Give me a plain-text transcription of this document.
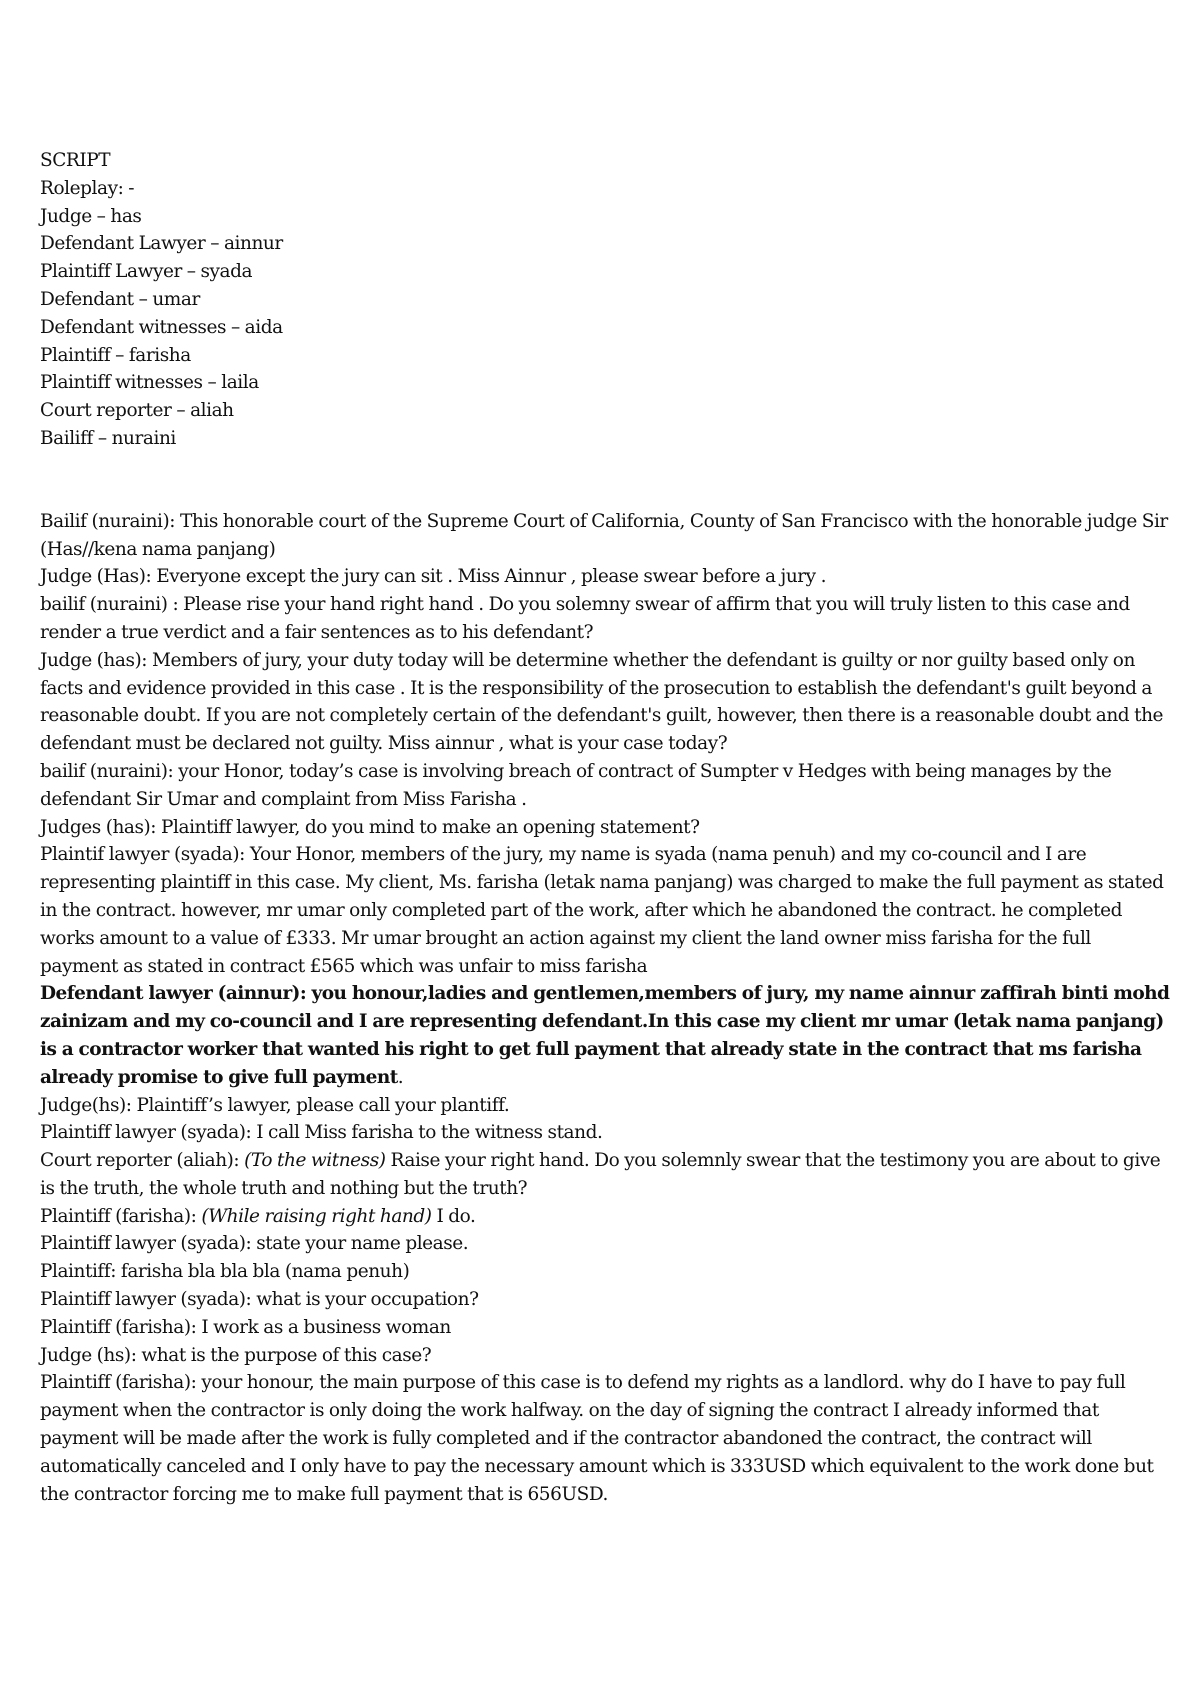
SCRIPT
Roleplay: -
Judge – has
Defendant Lawyer – ainnur
Plaintiff Lawyer – syada
Defendant – umar
Defendant witnesses – aida
Plaintiff – farisha
Plaintiff witnesses – laila
Court reporter – aliah
Bailiff – nuraini

Bailif (nuraini): This honorable court of the Supreme Court of California, County of San Francisco with the honorable judge Sir (Has//kena nama panjang)

Judge (Has): Everyone except the jury can sit . Miss Ainnur , please swear before a jury .

bailif (nuraini) : Please rise your hand right hand . Do you solemny swear of affirm that you will truly listen to this case and render a true verdict and a fair sentences as to his defendant?

Judge (has): Members of jury, your duty today will be determine whether the defendant is guilty or nor guilty based only on facts and evidence provided in this case . It is the responsibility of the prosecution to establish the defendant's guilt beyond a reasonable doubt. If you are not completely certain of the defendant's guilt, however, then there is a reasonable doubt and the defendant must be declared not guilty. Miss ainnur , what is your case today?

bailif (nuraini): your Honor, today’s case is involving breach of contract of Sumpter v Hedges with being manages by the defendant Sir Umar and complaint from Miss Farisha .

Judges (has): Plaintiff lawyer, do you mind to make an opening statement?

Plaintif lawyer (syada): Your Honor, members of the jury, my name is syada (nama penuh) and my co-council and I are representing plaintiff in this case. My client, Ms. farisha (letak nama panjang) was charged to make the full payment as stated in the contract. however, mr umar only completed part of the work, after which he abandoned the contract. he completed works amount to a value of £333. Mr umar brought an action against my client the land owner miss farisha for the full payment as stated in contract £565 which was unfair to miss farisha

Defendant lawyer (ainnur): you honour,ladies and gentlemen,members of jury, my name ainnur zaffirah binti mohd zainizam and my co-council and I are representing defendant.In this case my client mr umar (letak nama panjang) is a contractor worker that wanted his right to get full payment that already state in the contract that ms farisha already promise to give full payment.

Judge(hs): Plaintiff’s lawyer, please call your plantiff.

Plaintiff lawyer (syada): I call Miss farisha to the witness stand.

Court reporter (aliah): (To the witness) Raise your right hand. Do you solemnly swear that the testimony you are about to give is the truth, the whole truth and nothing but the truth?

Plaintiff (farisha): (While raising right hand) I do.

Plaintiff lawyer (syada): state your name please.

Plaintiff: farisha bla bla bla (nama penuh)

Plaintiff lawyer (syada): what is your occupation?

Plaintiff (farisha): I work as a business woman

Judge (hs): what is the purpose of this case?

Plaintiff (farisha): your honour, the main purpose of this case is to defend my rights as a landlord. why do I have to pay full payment when the contractor is only doing the work halfway. on the day of signing the contract I already informed that payment will be made after the work is fully completed and if the contractor abandoned the contract, the contract will automatically canceled and I only have to pay the necessary amount which is 333USD which equivalent to the work done but the contractor forcing me to make full payment that is 656USD.
